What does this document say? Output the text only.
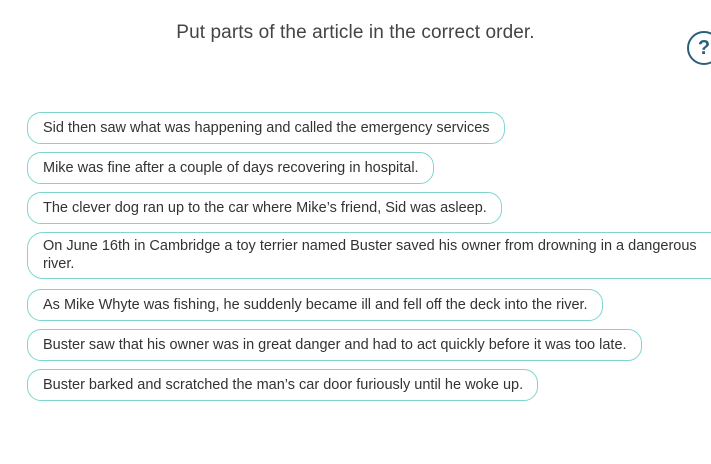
Put parts of the article in the correct order.
?
Sid then saw what was happening and called the emergency services
Mike was fine after a couple of days recovering in hospital.
The clever dog ran up to the car where Mike’s friend, Sid was asleep.
On June 16th in Cambridge a toy terrier named Buster saved his owner from drowning in a dangerous river.
As Mike Whyte was fishing, he suddenly became ill and fell off the deck into the river.
Buster saw that his owner was in great danger and had to act quickly before it was too late.
Buster barked and scratched the man’s car door furiously until he woke up.
